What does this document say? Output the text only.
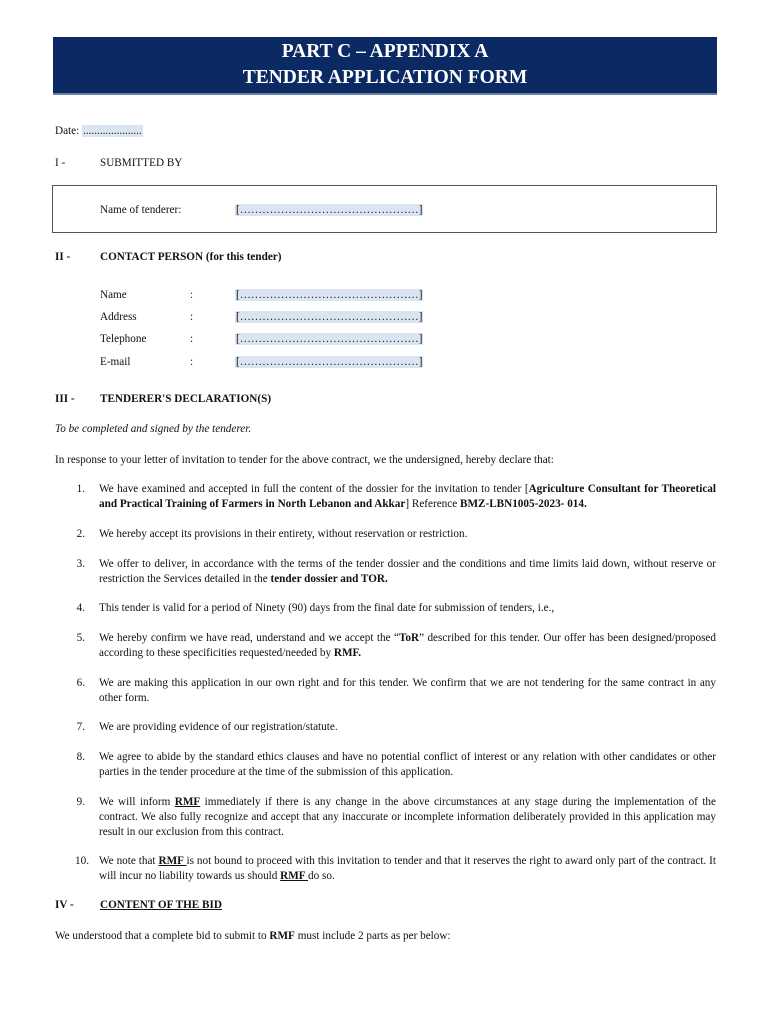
PART C – APPENDIX A
TENDER APPLICATION FORM
Date: .....................
I -	SUBMITTED BY
Name of tenderer:	[…………………………………………]
II -	CONTACT PERSON (for this tender)
Name	:	[…………………………………………]
Address	:	[…………………………………………]
Telephone	:	[…………………………………………]
E-mail	:	[…………………………………………]
III - TENDERER'S DECLARATION(S)
To be completed and signed by the tenderer.
In response to your letter of invitation to tender for the above contract, we the undersigned, hereby declare that:
1. We have examined and accepted in full the content of the dossier for the invitation to tender [Agriculture Consultant for Theoretical and Practical Training of Farmers in North Lebanon and Akkar] Reference BMZ-LBN1005-2023- 014.
2. We hereby accept its provisions in their entirety, without reservation or restriction.
3. We offer to deliver, in accordance with the terms of the tender dossier and the conditions and time limits laid down, without reserve or restriction the Services detailed in the tender dossier and TOR.
4. This tender is valid for a period of Ninety (90) days from the final date for submission of tenders, i.e.,
5. We hereby confirm we have read, understand and we accept the “ToR” described for this tender. Our offer has been designed/proposed according to these specificities requested/needed by RMF.
6. We are making this application in our own right and for this tender. We confirm that we are not tendering for the same contract in any other form.
7. We are providing evidence of our registration/statute.
8. We agree to abide by the standard ethics clauses and have no potential conflict of interest or any relation with other candidates or other parties in the tender procedure at the time of the submission of this application.
9. We will inform RMF immediately if there is any change in the above circumstances at any stage during the implementation of the contract. We also fully recognize and accept that any inaccurate or incomplete information deliberately provided in this application may result in our exclusion from this contract.
10. We note that RMF is not bound to proceed with this invitation to tender and that it reserves the right to award only part of the contract. It will incur no liability towards us should RMF do so.
IV - CONTENT OF THE BID
We understood that a complete bid to submit to RMF must include 2 parts as per below:
